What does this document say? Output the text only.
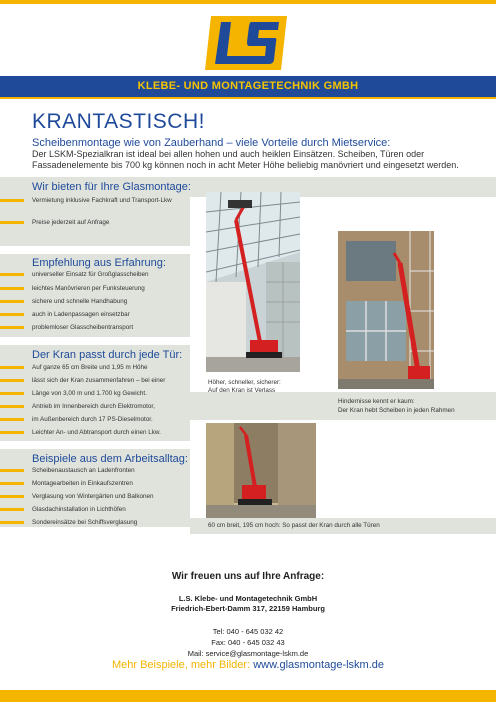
KLEBE- UND MONTAGETECHNIK GMBH
KRANTASTISCH!
Scheibenmontage wie von Zauberhand – viele Vorteile durch Mietservice:
Der LSKM-Spezialkran ist ideal bei allen hohen und auch heiklen Einsätzen. Scheiben, Türen oder Fassadenelemente bis 700 kg können noch in acht Meter Höhe beliebig manövriert und eingesetzt werden.
Wir bieten für Ihre Glasmontage:
Vermietung inklusive Fachkraft und Transport-Lkw
Preise jederzeit auf Anfrage
Empfehlung aus Erfahrung:
universeller Einsatz für Großglasscheiben
leichtes Manövrieren per Funksteuerung
sichere und schnelle Handhabung
auch in Ladenpassagen einsetzbar
problemloser Glasscheibentransport
Der Kran passt durch jede Tür:
Auf ganze 65 cm Breite und 1,95 m Höhe
lässt sich der Kran zusammenfahren – bei einer
Länge von 3,00 m und 1.700 kg Gewicht.
Antrieb im Innenbereich durch Elektromotor,
im Außenbereich durch 17 PS-Dieselmotor.
Leichter An- und Abtransport durch einen Lkw.
Beispiele aus dem Arbeitsalltag:
Scheibenaustausch an Ladenfronten
Montagearbeiten in Einkaufszentren
Verglasung von Wintergärten und Balkonen
Glasdachinstallation in Lichthöfen
Sondereinsätze bei Schiffsverglasung
Höher, schneller, sicherer:
Auf den Kran ist Verlass
Hindernisse kennt er kaum:
Der Kran hebt Scheiben in jeden Rahmen
60 cm breit, 195 cm hoch: So passt der Kran durch alle Türen
Wir freuen uns auf Ihre Anfrage:
L.S. Klebe- und Montagetechnik GmbH
Friedrich-Ebert-Damm 317, 22159 Hamburg
Tel: 040 - 645 032 42
Fax: 040 - 645 032 43
Mail: service@glasmontage-lskm.de
Mehr Beispiele, mehr Bilder: www.glasmontage-lskm.de
